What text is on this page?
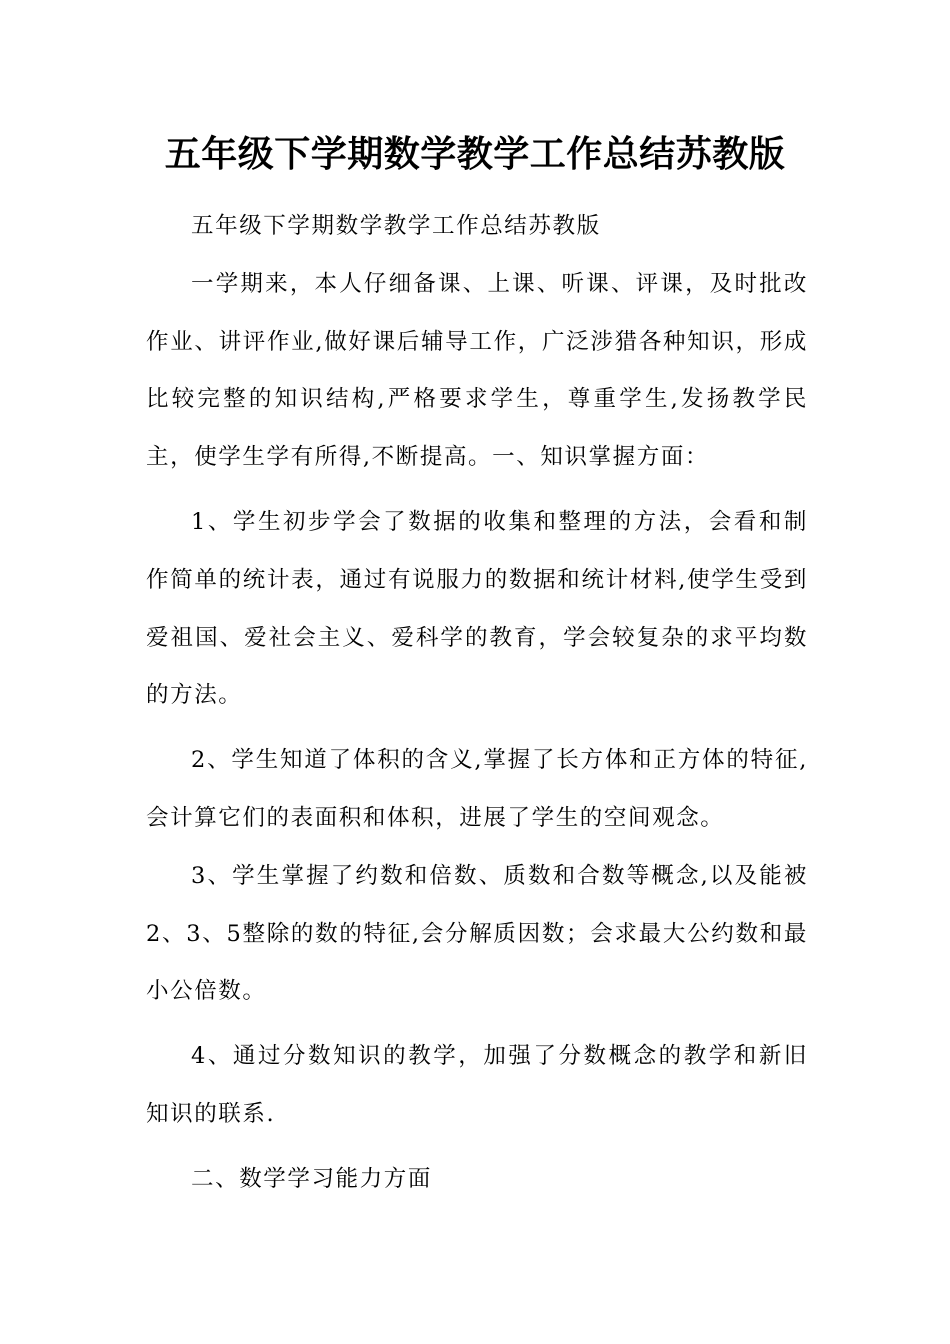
五年级下学期数学教学工作总结苏教版

五年级下学期数学教学工作总结苏教版

一学期来，本人仔细备课、上课、听课、评课，及时批改作业、讲评作业,做好课后辅导工作，广泛涉猎各种知识，形成比较完整的知识结构,严格要求学生，尊重学生,发扬教学民主，使学生学有所得,不断提高。一、知识掌握方面：

1、学生初步学会了数据的收集和整理的方法，会看和制作简单的统计表，通过有说服力的数据和统计材料,使学生受到爱祖国、爱社会主义、爱科学的教育，学会较复杂的求平均数的方法。

2、学生知道了体积的含义,掌握了长方体和正方体的特征,会计算它们的表面积和体积，进展了学生的空间观念。

3、学生掌握了约数和倍数、质数和合数等概念,以及能被2、3、5整除的数的特征,会分解质因数；会求最大公约数和最小公倍数。

4、通过分数知识的教学，加强了分数概念的教学和新旧知识的联系.

二、数学学习能力方面
